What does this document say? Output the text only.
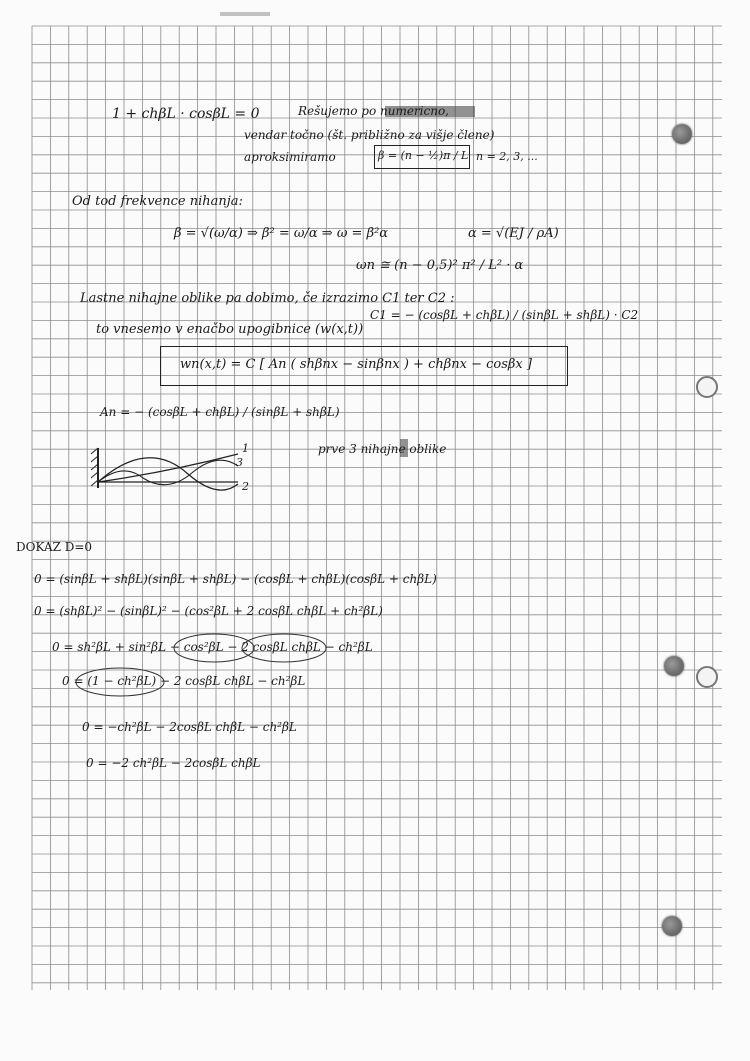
1 + chβL · cosβL = 0	Rešujemo po numericno,
vendar točno (št. približno za višje člene)
aproksimiramo	β = (n − ½)π / L n = 2, 3, ...
Od tod frekvence nihanja:
β = √(ω/α) ⇒ β² = ω/α ⇒ ω = β²α	α = √(EJ / ρA)
ωn ≅ (n − 0,5)² π² / L² · α
Lastne nihajne oblike pa dobimo, če izrazimo C1 ter C2 :
C1 = − (cosβL + chβL) / (sinβL + shβL) · C2
to vnesemo v enačbo upogibnice (w(x,t))
wn(x,t) = C [ An ( shβnx − sinβnx ) + chβnx − cosβx ]
An = − (cosβL + chβL) / (sinβL + shβL)
1
3
2
prve 3 nihajne oblike
DOKAZ D=0
0 = (sinβL + shβL)(sinβL + shβL) − (cosβL + chβL)(cosβL + chβL)
0 = (shβL)² − (sinβL)² − (cos²βL + 2 cosβL chβL + ch²βL)
0 = sh²βL + sin²βL − cos²βL − 2 cosβL chβL − ch²βL
0 = (1 − ch²βL) − 2 cosβL chβL − ch²βL
0 = −ch²βL − 2cosβL chβL − ch²βL
0 = −2 ch²βL − 2cosβL chβL
